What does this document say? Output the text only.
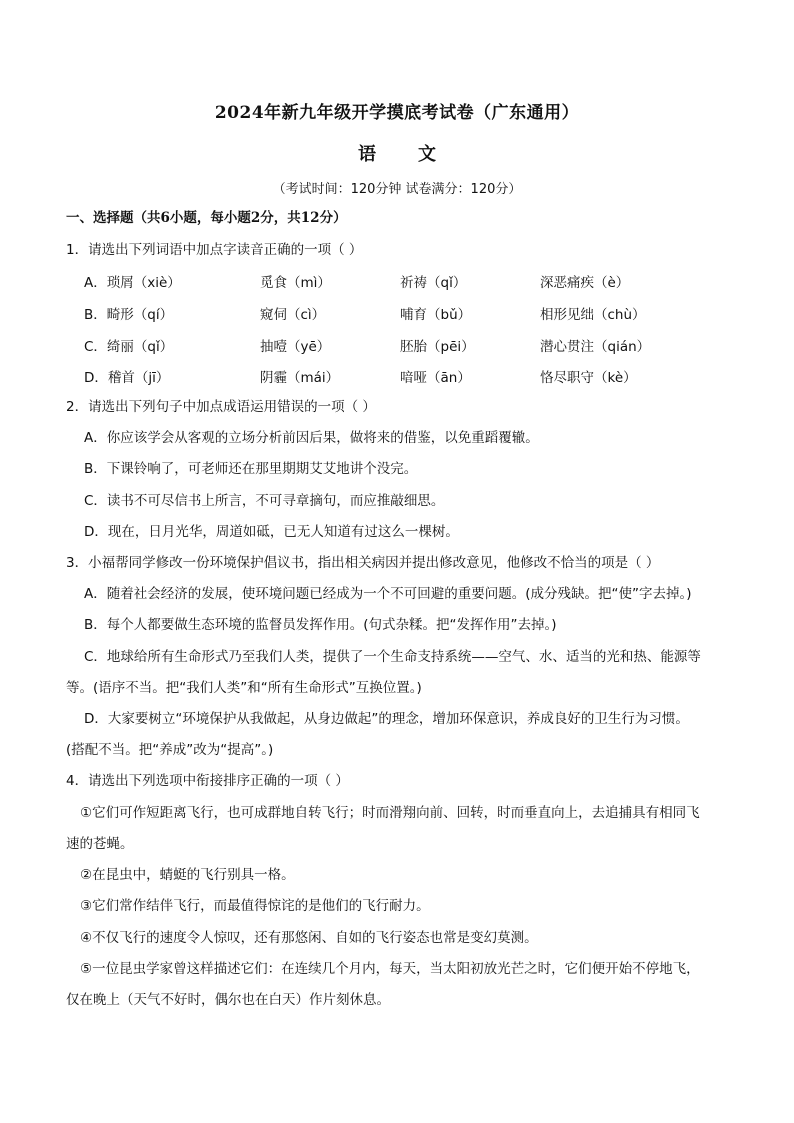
2024年新九年级开学摸底考试卷（广东通用）
语文
（考试时间：120分钟 试卷满分：120分）
一、选择题（共6小题，每小题2分，共12分）
1．请选出下列词语中加点字读音正确的一项（ ）
A．琐屑（xiè）	觅食（mì）	祈祷（qǐ）	深恶痛疾（è）
B．畸形（qí）	窥伺（cì）	哺育（bǔ）	相形见绌（chù）
C．绮丽（qǐ）	抽噎（yē）	胚胎（pēi）	潜心贯注（qián）
D．稽首（jī）	阴霾（mái）	喑哑（ān）	恪尽职守（kè）
2．请选出下列句子中加点成语运用错误的一项（ ）
A．你应该学会从客观的立场分析前因后果，做将来的借鉴，以免重蹈覆辙。
B．下课铃响了，可老师还在那里期期艾艾地讲个没完。
C．读书不可尽信书上所言，不可寻章摘句，而应推敲细思。
D．现在，日月光华，周道如砥，已无人知道有过这么一棵树。
3．小福帮同学修改一份环境保护倡议书，指出相关病因并提出修改意见，他修改不恰当的项是（ ）
A．随着社会经济的发展，使环境问题已经成为一个不可回避的重要问题。(成分残缺。把“使”字去掉。)
B．每个人都要做生态环境的监督员发挥作用。(句式杂糅。把“发挥作用”去掉。)
C．地球给所有生命形式乃至我们人类，提供了一个生命支持系统——空气、水、适当的光和热、能源等
等。(语序不当。把“我们人类”和“所有生命形式”互换位置。)
D．大家要树立“环境保护从我做起，从身边做起”的理念，增加环保意识，养成良好的卫生行为习惯。
(搭配不当。把“养成”改为“提高”。)
4．请选出下列选项中衔接排序正确的一项（ ）
①它们可作短距离飞行，也可成群地自转飞行；时而滑翔向前、回转，时而垂直向上，去追捕具有相同飞
速的苍蝇。
②在昆虫中，蜻蜓的飞行别具一格。
③它们常作结伴飞行，而最值得惊诧的是他们的飞行耐力。
④不仅飞行的速度令人惊叹，还有那悠闲、自如的飞行姿态也常是变幻莫测。
⑤一位昆虫学家曾这样描述它们：在连续几个月内，每天，当太阳初放光芒之时，它们便开始不停地飞，
仅在晚上（天气不好时，偶尔也在白天）作片刻休息。
